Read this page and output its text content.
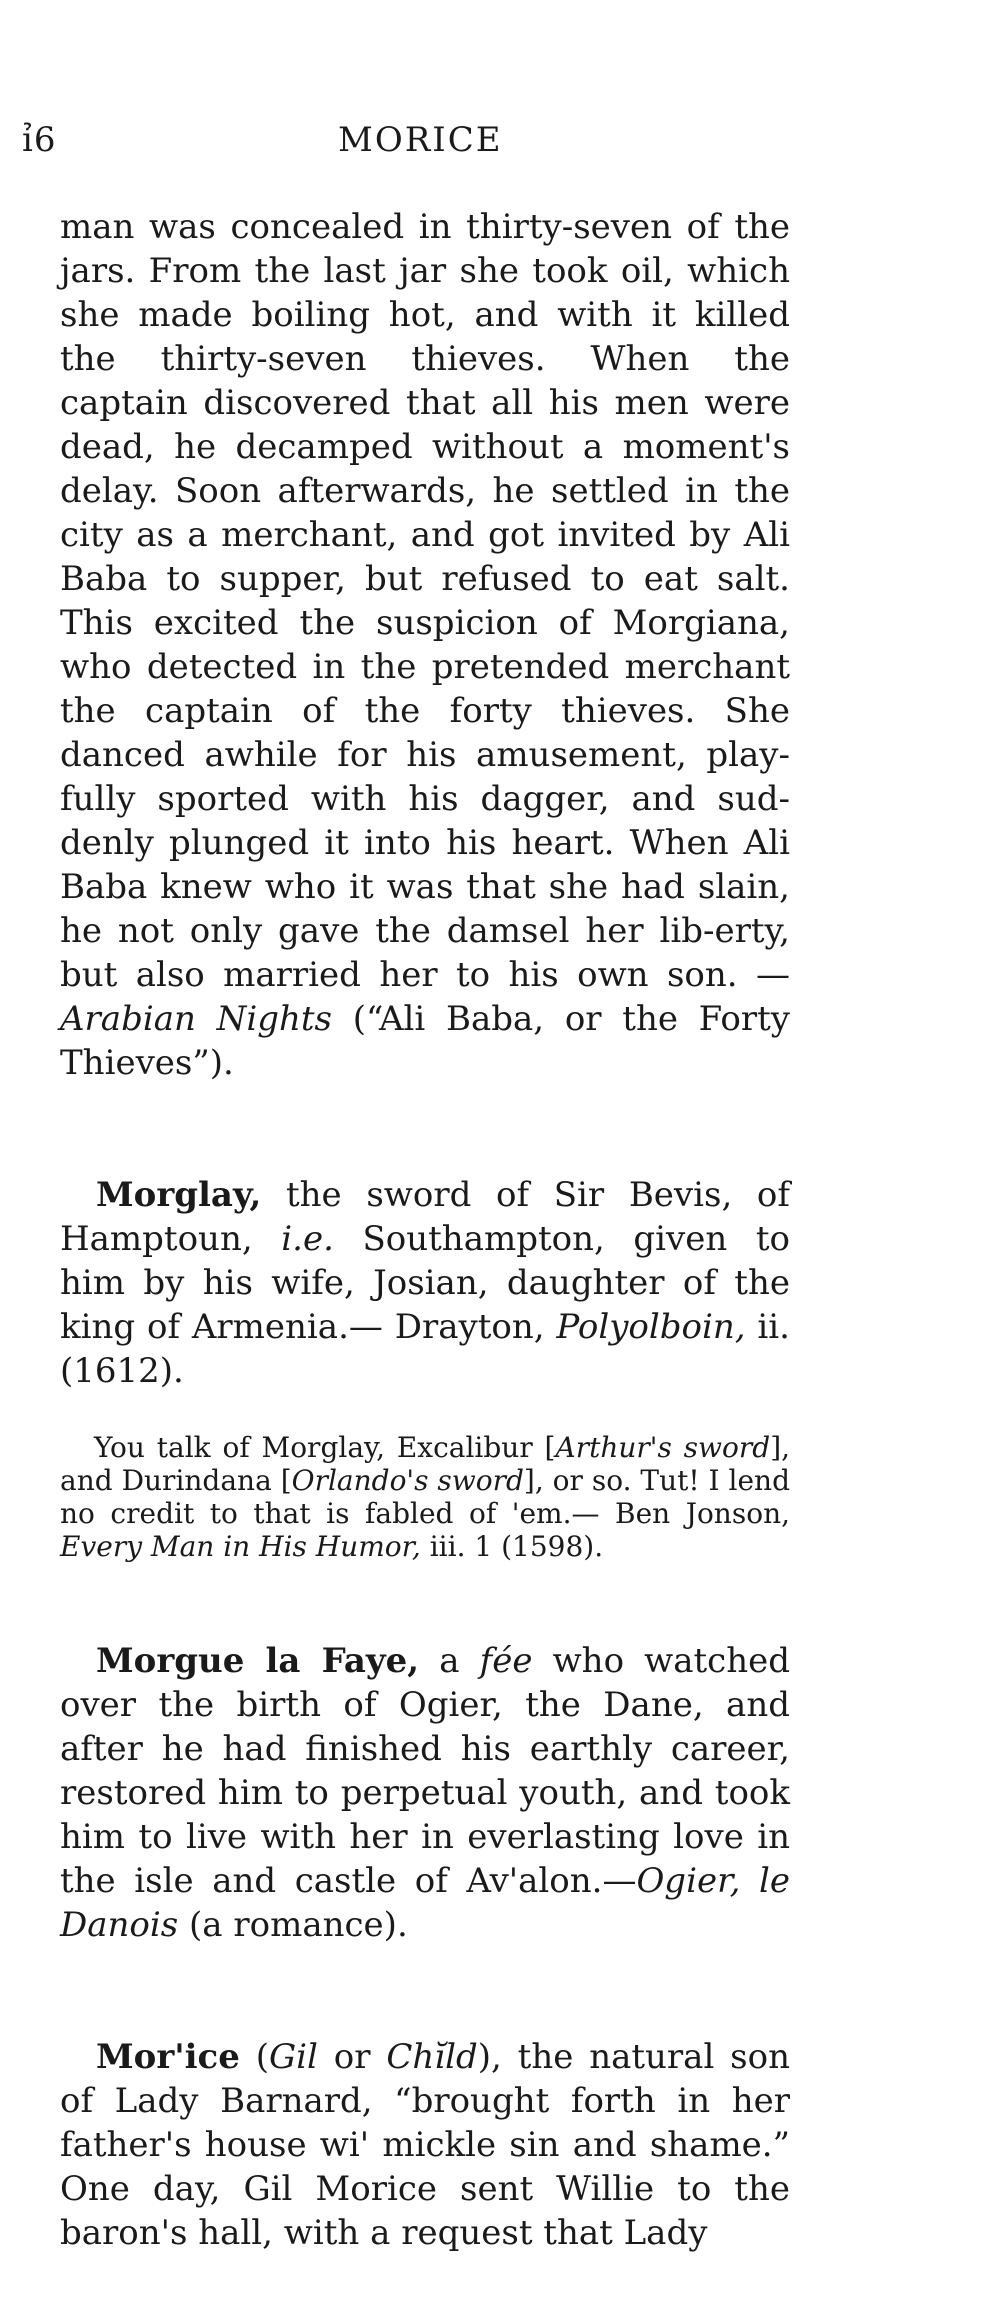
ỉ6	MORICE

man was concealed in thirty-seven of the jars. From the last jar she took oil, which she made boiling hot, and with it killed the thirty-seven thieves. When the captain discovered that all his men were dead, he decamped without a moment's delay. Soon afterwards, he settled in the city as a merchant, and got invited by Ali Baba to supper, but refused to eat salt. This excited the suspicion of Morgiana, who detected in the pretended merchant the captain of the forty thieves. She danced awhile for his amusement, play-fully sported with his dagger, and sud-denly plunged it into his heart. When Ali Baba knew who it was that she had slain, he not only gave the damsel her lib-erty, but also married her to his own son. —Arabian Nights (“Ali Baba, or the Forty Thieves”).

Morglay, the sword of Sir Bevis, of Hamptoun, i.e. Southampton, given to him by his wife, Josian, daughter of the king of Armenia.— Drayton, Polyolboin, ii. (1612).

You talk of Morglay, Excalibur [Arthur's sword], and Durindana [Orlando's sword], or so. Tut! I lend no credit to that is fabled of 'em.— Ben Jonson, Every Man in His Humor, iii. 1 (1598).

Morgue la Faye, a fée who watched over the birth of Ogier, the Dane, and after he had finished his earthly career, restored him to perpetual youth, and took him to live with her in everlasting love in the isle and castle of Av'alon.—Ogier, le Danois (a romance).

Mor'ice (Gil or Chĭld), the natural son of Lady Barnard, “brought forth in her father's house wi' mickle sin and shame.” One day, Gil Morice sent Willie to the baron's hall, with a request that Lady
